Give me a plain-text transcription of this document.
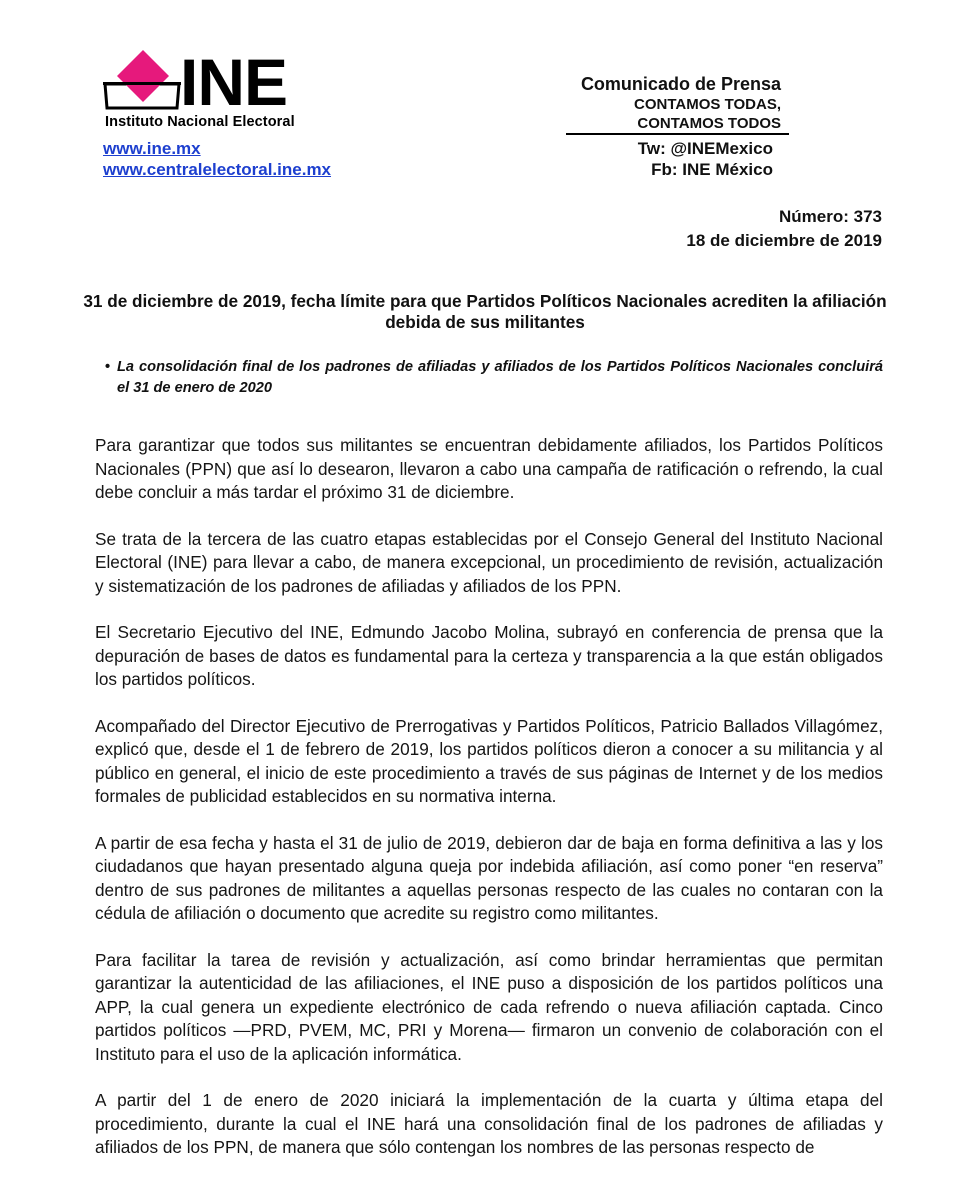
INE
Instituto Nacional Electoral
www.ine.mx
www.centralelectoral.ine.mx
Comunicado de Prensa
CONTAMOS TODAS,
CONTAMOS TODOS
Tw: @INEMexico
Fb: INE México
Número: 373
18 de diciembre de 2019
31 de diciembre de 2019, fecha límite para que Partidos Políticos Nacionales acrediten la afiliación debida de sus militantes
• La consolidación final de los padrones de afiliadas y afiliados de los Partidos Políticos Nacionales concluirá el 31 de enero de 2020

Para garantizar que todos sus militantes se encuentran debidamente afiliados, los Partidos Políticos Nacionales (PPN) que así lo desearon, llevaron a cabo una campaña de ratificación o refrendo, la cual debe concluir a más tardar el próximo 31 de diciembre.

Se trata de la tercera de las cuatro etapas establecidas por el Consejo General del Instituto Nacional Electoral (INE) para llevar a cabo, de manera excepcional, un procedimiento de revisión, actualización y sistematización de los padrones de afiliadas y afiliados de los PPN.

El Secretario Ejecutivo del INE, Edmundo Jacobo Molina, subrayó en conferencia de prensa que la depuración de bases de datos es fundamental para la certeza y transparencia a la que están obligados los partidos políticos.

Acompañado del Director Ejecutivo de Prerrogativas y Partidos Políticos, Patricio Ballados Villagómez, explicó que, desde el 1 de febrero de 2019, los partidos políticos dieron a conocer a su militancia y al público en general, el inicio de este procedimiento a través de sus páginas de Internet y de los medios formales de publicidad establecidos en su normativa interna.

A partir de esa fecha y hasta el 31 de julio de 2019, debieron dar de baja en forma definitiva a las y los ciudadanos que hayan presentado alguna queja por indebida afiliación, así como poner “en reserva” dentro de sus padrones de militantes a aquellas personas respecto de las cuales no contaran con la cédula de afiliación o documento que acredite su registro como militantes.

Para facilitar la tarea de revisión y actualización, así como brindar herramientas que permitan garantizar la autenticidad de las afiliaciones, el INE puso a disposición de los partidos políticos una APP, la cual genera un expediente electrónico de cada refrendo o nueva afiliación captada. Cinco partidos políticos —PRD, PVEM, MC, PRI y Morena— firmaron un convenio de colaboración con el Instituto para el uso de la aplicación informática.

A partir del 1 de enero de 2020 iniciará la implementación de la cuarta y última etapa del procedimiento, durante la cual el INE hará una consolidación final de los padrones de afiliadas y afiliados de los PPN, de manera que sólo contengan los nombres de las personas respecto de
